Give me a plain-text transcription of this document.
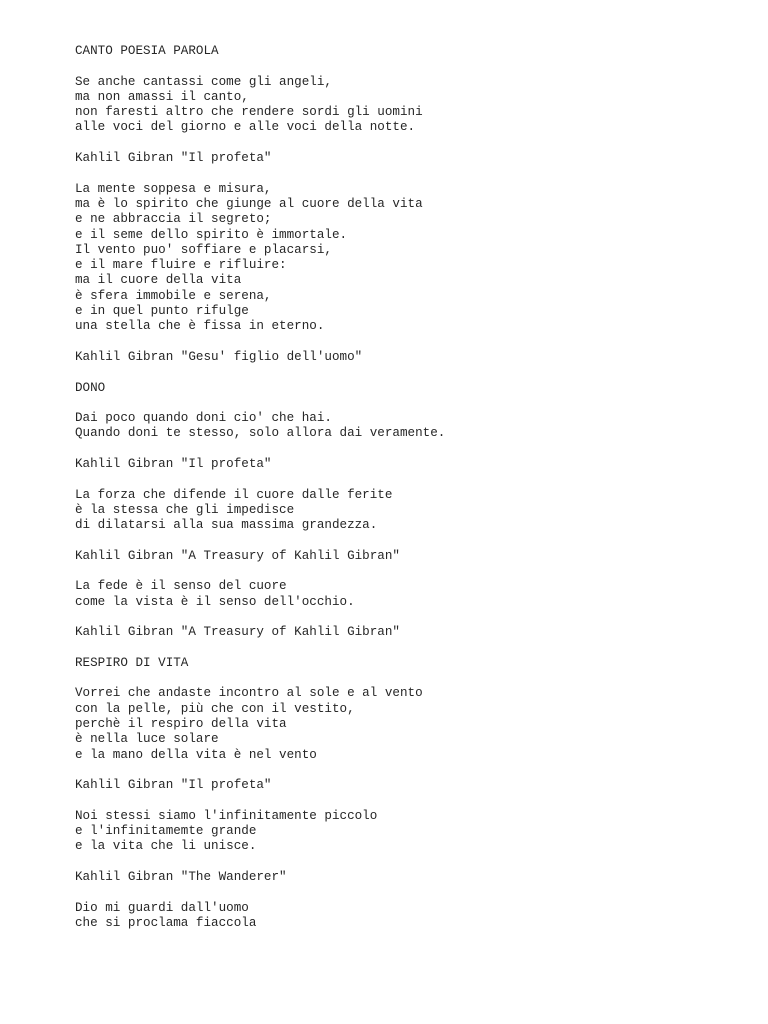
CANTO POESIA PAROLA
Se anche cantassi come gli angeli,
ma non amassi il canto,
non faresti altro che rendere sordi gli uomini
alle voci del giorno e alle voci della notte.
Kahlil Gibran "Il profeta"
La mente soppesa e misura,
ma è lo spirito che giunge al cuore della vita
e ne abbraccia il segreto;
e il seme dello spirito è immortale.
Il vento puo' soffiare e placarsi,
e il mare fluire e rifluire:
ma il cuore della vita
è sfera immobile e serena,
e in quel punto rifulge
una stella che è fissa in eterno.
Kahlil Gibran "Gesu' figlio dell'uomo"
DONO
Dai poco quando doni cio' che hai.
Quando doni te stesso, solo allora dai veramente.
Kahlil Gibran "Il profeta"
La forza che difende il cuore dalle ferite
è la stessa che gli impedisce
di dilatarsi alla sua massima grandezza.
Kahlil Gibran "A Treasury of Kahlil Gibran"
La fede è il senso del cuore
come la vista è il senso dell'occhio.
Kahlil Gibran "A Treasury of Kahlil Gibran"
RESPIRO DI VITA
Vorrei che andaste incontro al sole e al vento
con la pelle, più che con il vestito,
perchè il respiro della vita
è nella luce solare
e la mano della vita è nel vento
Kahlil Gibran "Il profeta"
Noi stessi siamo l'infinitamente piccolo
e l'infinitamemte grande
e la vita che li unisce.
Kahlil Gibran "The Wanderer"
Dio mi guardi dall'uomo
che si proclama fiaccola
